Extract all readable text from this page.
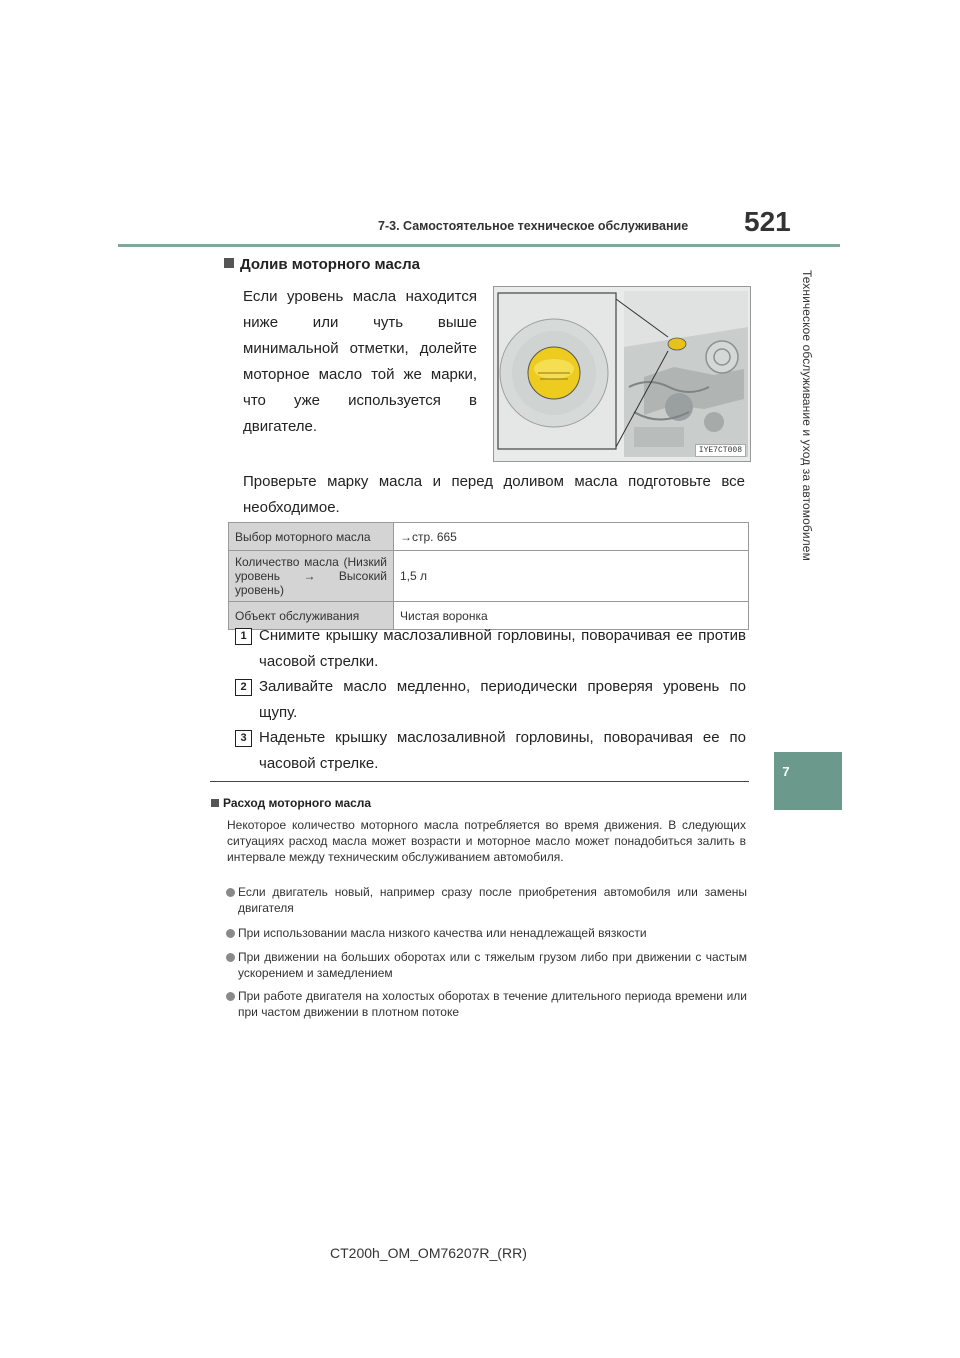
7-3. Самостоятельное техническое обслуживание 521
Техническое обслуживание и уход за автомобилем
7
Долив моторного масла
Если уровень масла находится ниже или чуть выше минимальной отметки, долейте моторное масло той же марки, что уже используется в двигателе.
IYE7CT008
Проверьте марку масла и перед доливом масла подготовьте все необходимое.
Выбор моторного масла	→стр. 665
Количество масла (Низкий уровень → Высокий уровень)	1,5 л
Объект обслуживания	Чистая воронка
1 Снимите крышку маслозаливной горловины, поворачивая ее против часовой стрелки.
2 Заливайте масло медленно, периодически проверяя уровень по щупу.
3 Наденьте крышку маслозаливной горловины, поворачивая ее по часовой стрелке.
Расход моторного масла
Некоторое количество моторного масла потребляется во время движения. В следующих ситуациях расход масла может возрасти и моторное масло может понадобиться залить в интервале между техническим обслуживанием автомобиля.
Если двигатель новый, например сразу после приобретения автомобиля или замены двигателя
При использовании масла низкого качества или ненадлежащей вязкости
При движении на больших оборотах или с тяжелым грузом либо при движении с частым ускорением и замедлением
При работе двигателя на холостых оборотах в течение длительного периода времени или при частом движении в плотном потоке
CT200h_OM_OM76207R_(RR)
